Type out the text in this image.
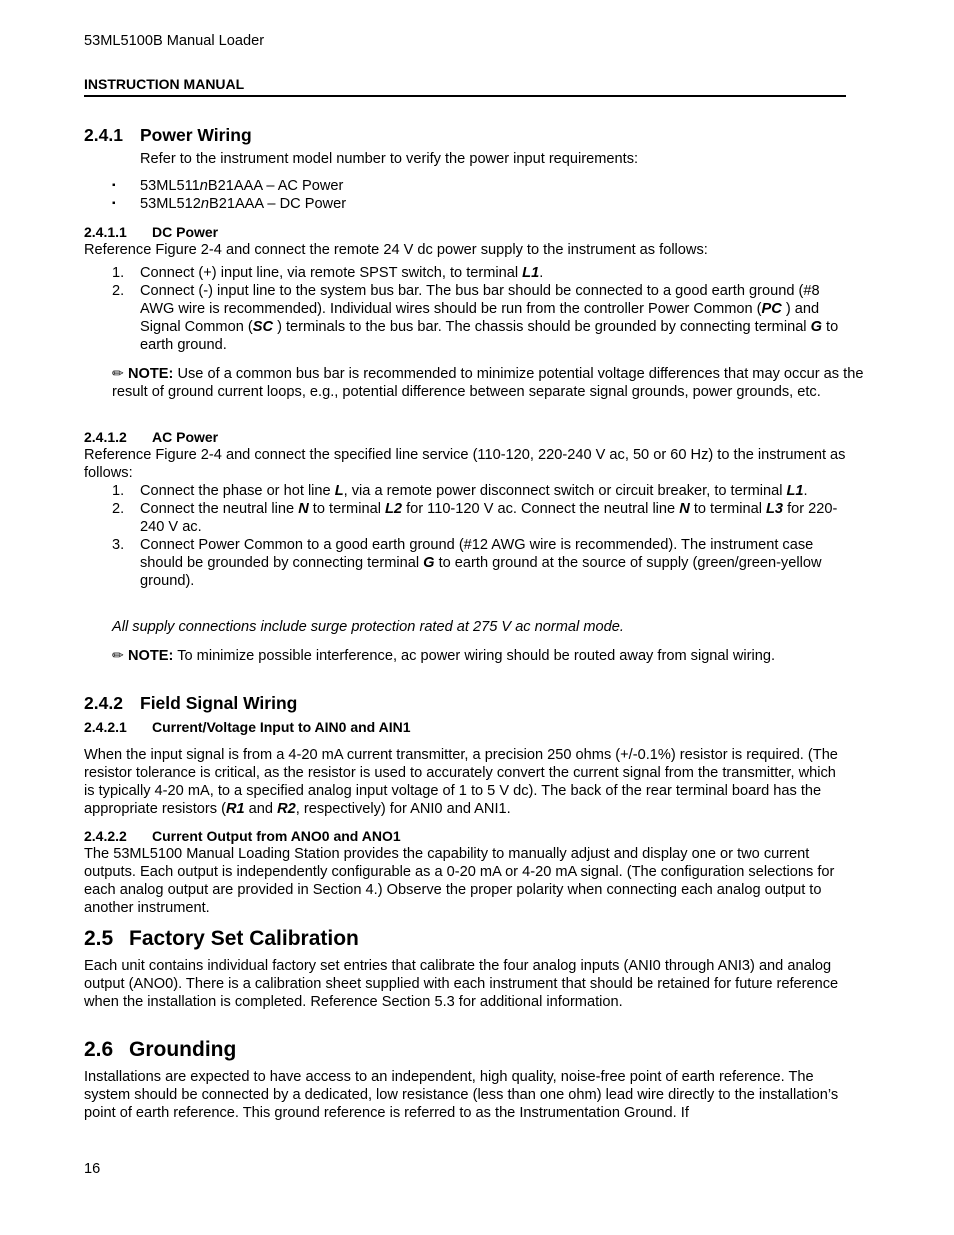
53ML5100B Manual Loader
INSTRUCTION MANUAL
2.4.1 Power Wiring
Refer to the instrument model number to verify the power input requirements:
▪ 53ML511nB21AAA – AC Power
▪ 53ML512nB21AAA – DC Power
2.4.1.1 DC Power
Reference Figure 2-4 and connect the remote 24 V dc power supply to the instrument as follows:
1. Connect (+) input line, via remote SPST switch, to terminal L1.
2. Connect (-) input line to the system bus bar. The bus bar should be connected to a good earth ground (#8 AWG wire is recommended). Individual wires should be run from the controller Power Common (PC ) and Signal Common (SC ) terminals to the bus bar. The chassis should be grounded by connecting terminal G to earth ground.
✏ NOTE: Use of a common bus bar is recommended to minimize potential voltage differences that may occur as the result of ground current loops, e.g., potential difference between separate signal grounds, power grounds, etc.
2.4.1.2 AC Power
Reference Figure 2-4 and connect the specified line service (110-120, 220-240 V ac, 50 or 60 Hz) to the instrument as follows:
1. Connect the phase or hot line L, via a remote power disconnect switch or circuit breaker, to terminal L1.
2. Connect the neutral line N to terminal L2 for 110-120 V ac. Connect the neutral line N to terminal L3 for 220-240 V ac.
3. Connect Power Common to a good earth ground (#12 AWG wire is recommended). The instrument case should be grounded by connecting terminal G to earth ground at the source of supply (green/green-yellow ground).
All supply connections include surge protection rated at 275 V ac normal mode.
✏ NOTE: To minimize possible interference, ac power wiring should be routed away from signal wiring.
2.4.2 Field Signal Wiring
2.4.2.1 Current/Voltage Input to AIN0 and AIN1
When the input signal is from a 4-20 mA current transmitter, a precision 250 ohms (+/-0.1%) resistor is required. (The resistor tolerance is critical, as the resistor is used to accurately convert the current signal from the transmitter, which is typically 4-20 mA, to a specified analog input voltage of 1 to 5 V dc). The back of the rear terminal board has the appropriate resistors (R1 and R2, respectively) for ANI0 and ANI1.
2.4.2.2 Current Output from ANO0 and ANO1
The 53ML5100 Manual Loading Station provides the capability to manually adjust and display one or two current outputs. Each output is independently configurable as a 0-20 mA or 4-20 mA signal. (The configuration selections for each analog output are provided in Section 4.) Observe the proper polarity when connecting each analog output to another instrument.
2.5 Factory Set Calibration
Each unit contains individual factory set entries that calibrate the four analog inputs (ANI0 through ANI3) and analog output (ANO0). There is a calibration sheet supplied with each instrument that should be retained for future reference when the installation is completed. Reference Section 5.3 for additional information.
2.6 Grounding
Installations are expected to have access to an independent, high quality, noise-free point of earth reference. The system should be connected by a dedicated, low resistance (less than one ohm) lead wire directly to the installation’s point of earth reference. This ground reference is referred to as the Instrumentation Ground. If
16
